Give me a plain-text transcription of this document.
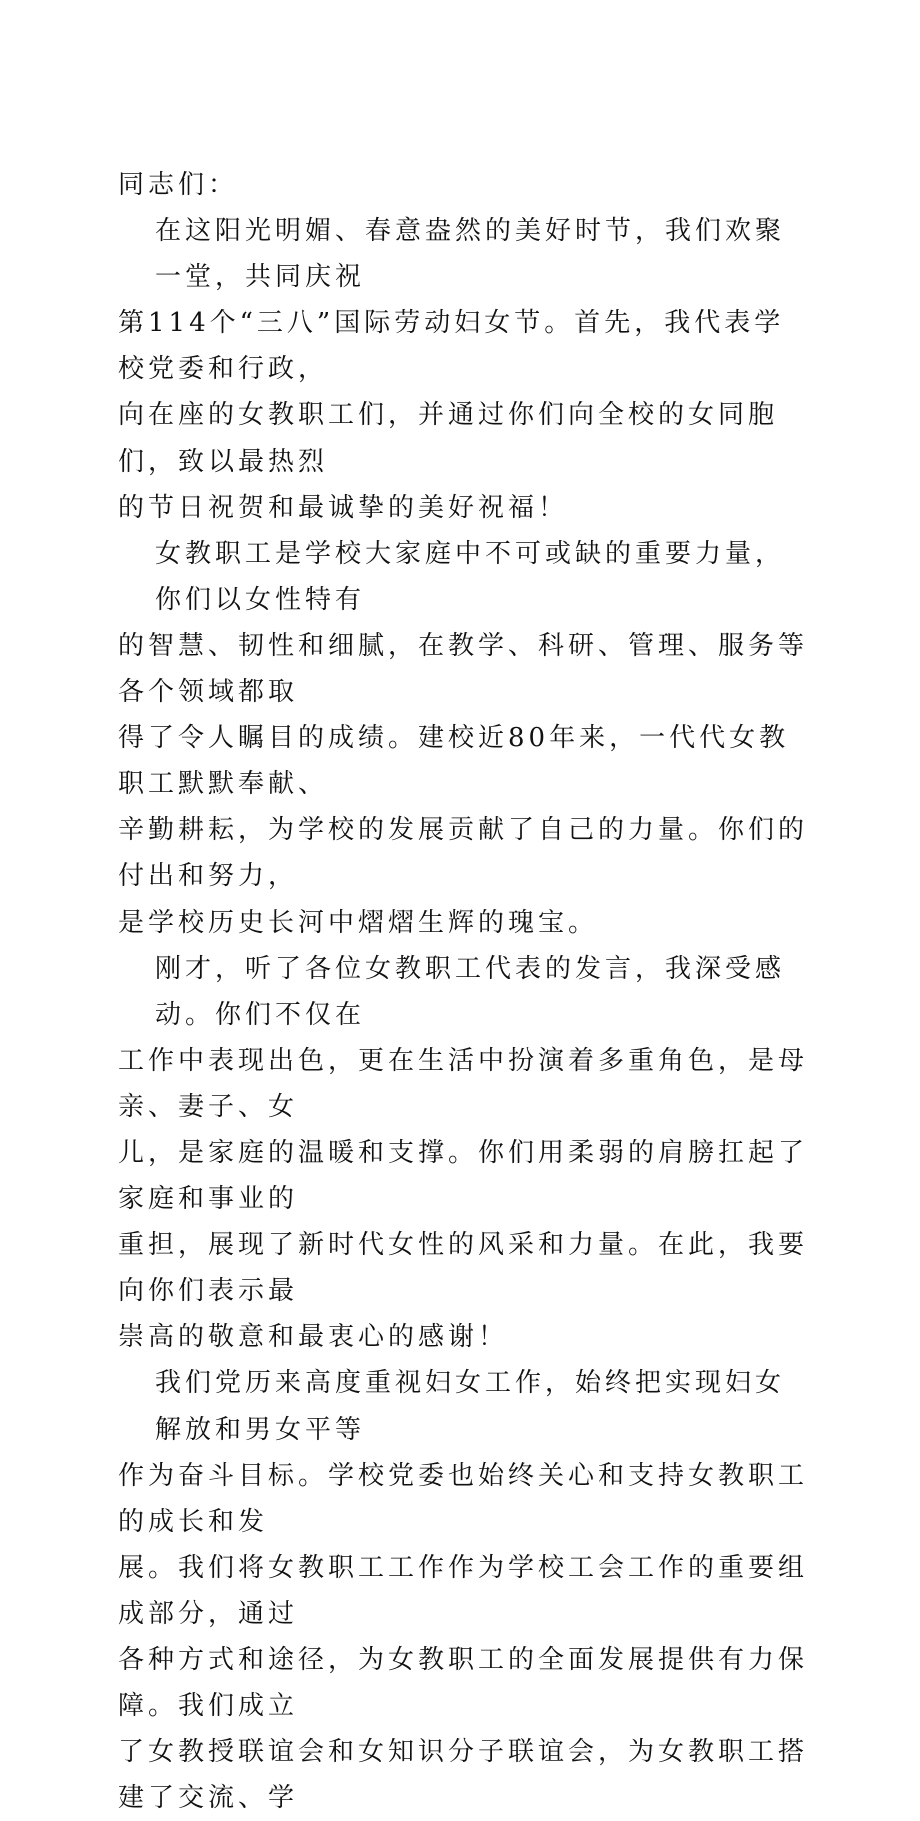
同志们：
在这阳光明媚、春意盎然的美好时节，我们欢聚一堂，共同庆祝
第114个“三八”国际劳动妇女节。首先，我代表学校党委和行政，
向在座的女教职工们，并通过你们向全校的女同胞们，致以最热烈
的节日祝贺和最诚挚的美好祝福！
女教职工是学校大家庭中不可或缺的重要力量，你们以女性特有
的智慧、韧性和细腻，在教学、科研、管理、服务等各个领域都取
得了令人瞩目的成绩。建校近80年来，一代代女教职工默默奉献、
辛勤耕耘，为学校的发展贡献了自己的力量。你们的付出和努力，
是学校历史长河中熠熠生辉的瑰宝。
刚才，听了各位女教职工代表的发言，我深受感动。你们不仅在
工作中表现出色，更在生活中扮演着多重角色，是母亲、妻子、女
儿，是家庭的温暖和支撑。你们用柔弱的肩膀扛起了家庭和事业的
重担，展现了新时代女性的风采和力量。在此，我要向你们表示最
崇高的敬意和最衷心的感谢！
我们党历来高度重视妇女工作，始终把实现妇女解放和男女平等
作为奋斗目标。学校党委也始终关心和支持女教职工的成长和发
展。我们将女教职工工作作为学校工会工作的重要组成部分，通过
各种方式和途径，为女教职工的全面发展提供有力保障。我们成立
了女教授联谊会和女知识分子联谊会，为女教职工搭建了交流、学
